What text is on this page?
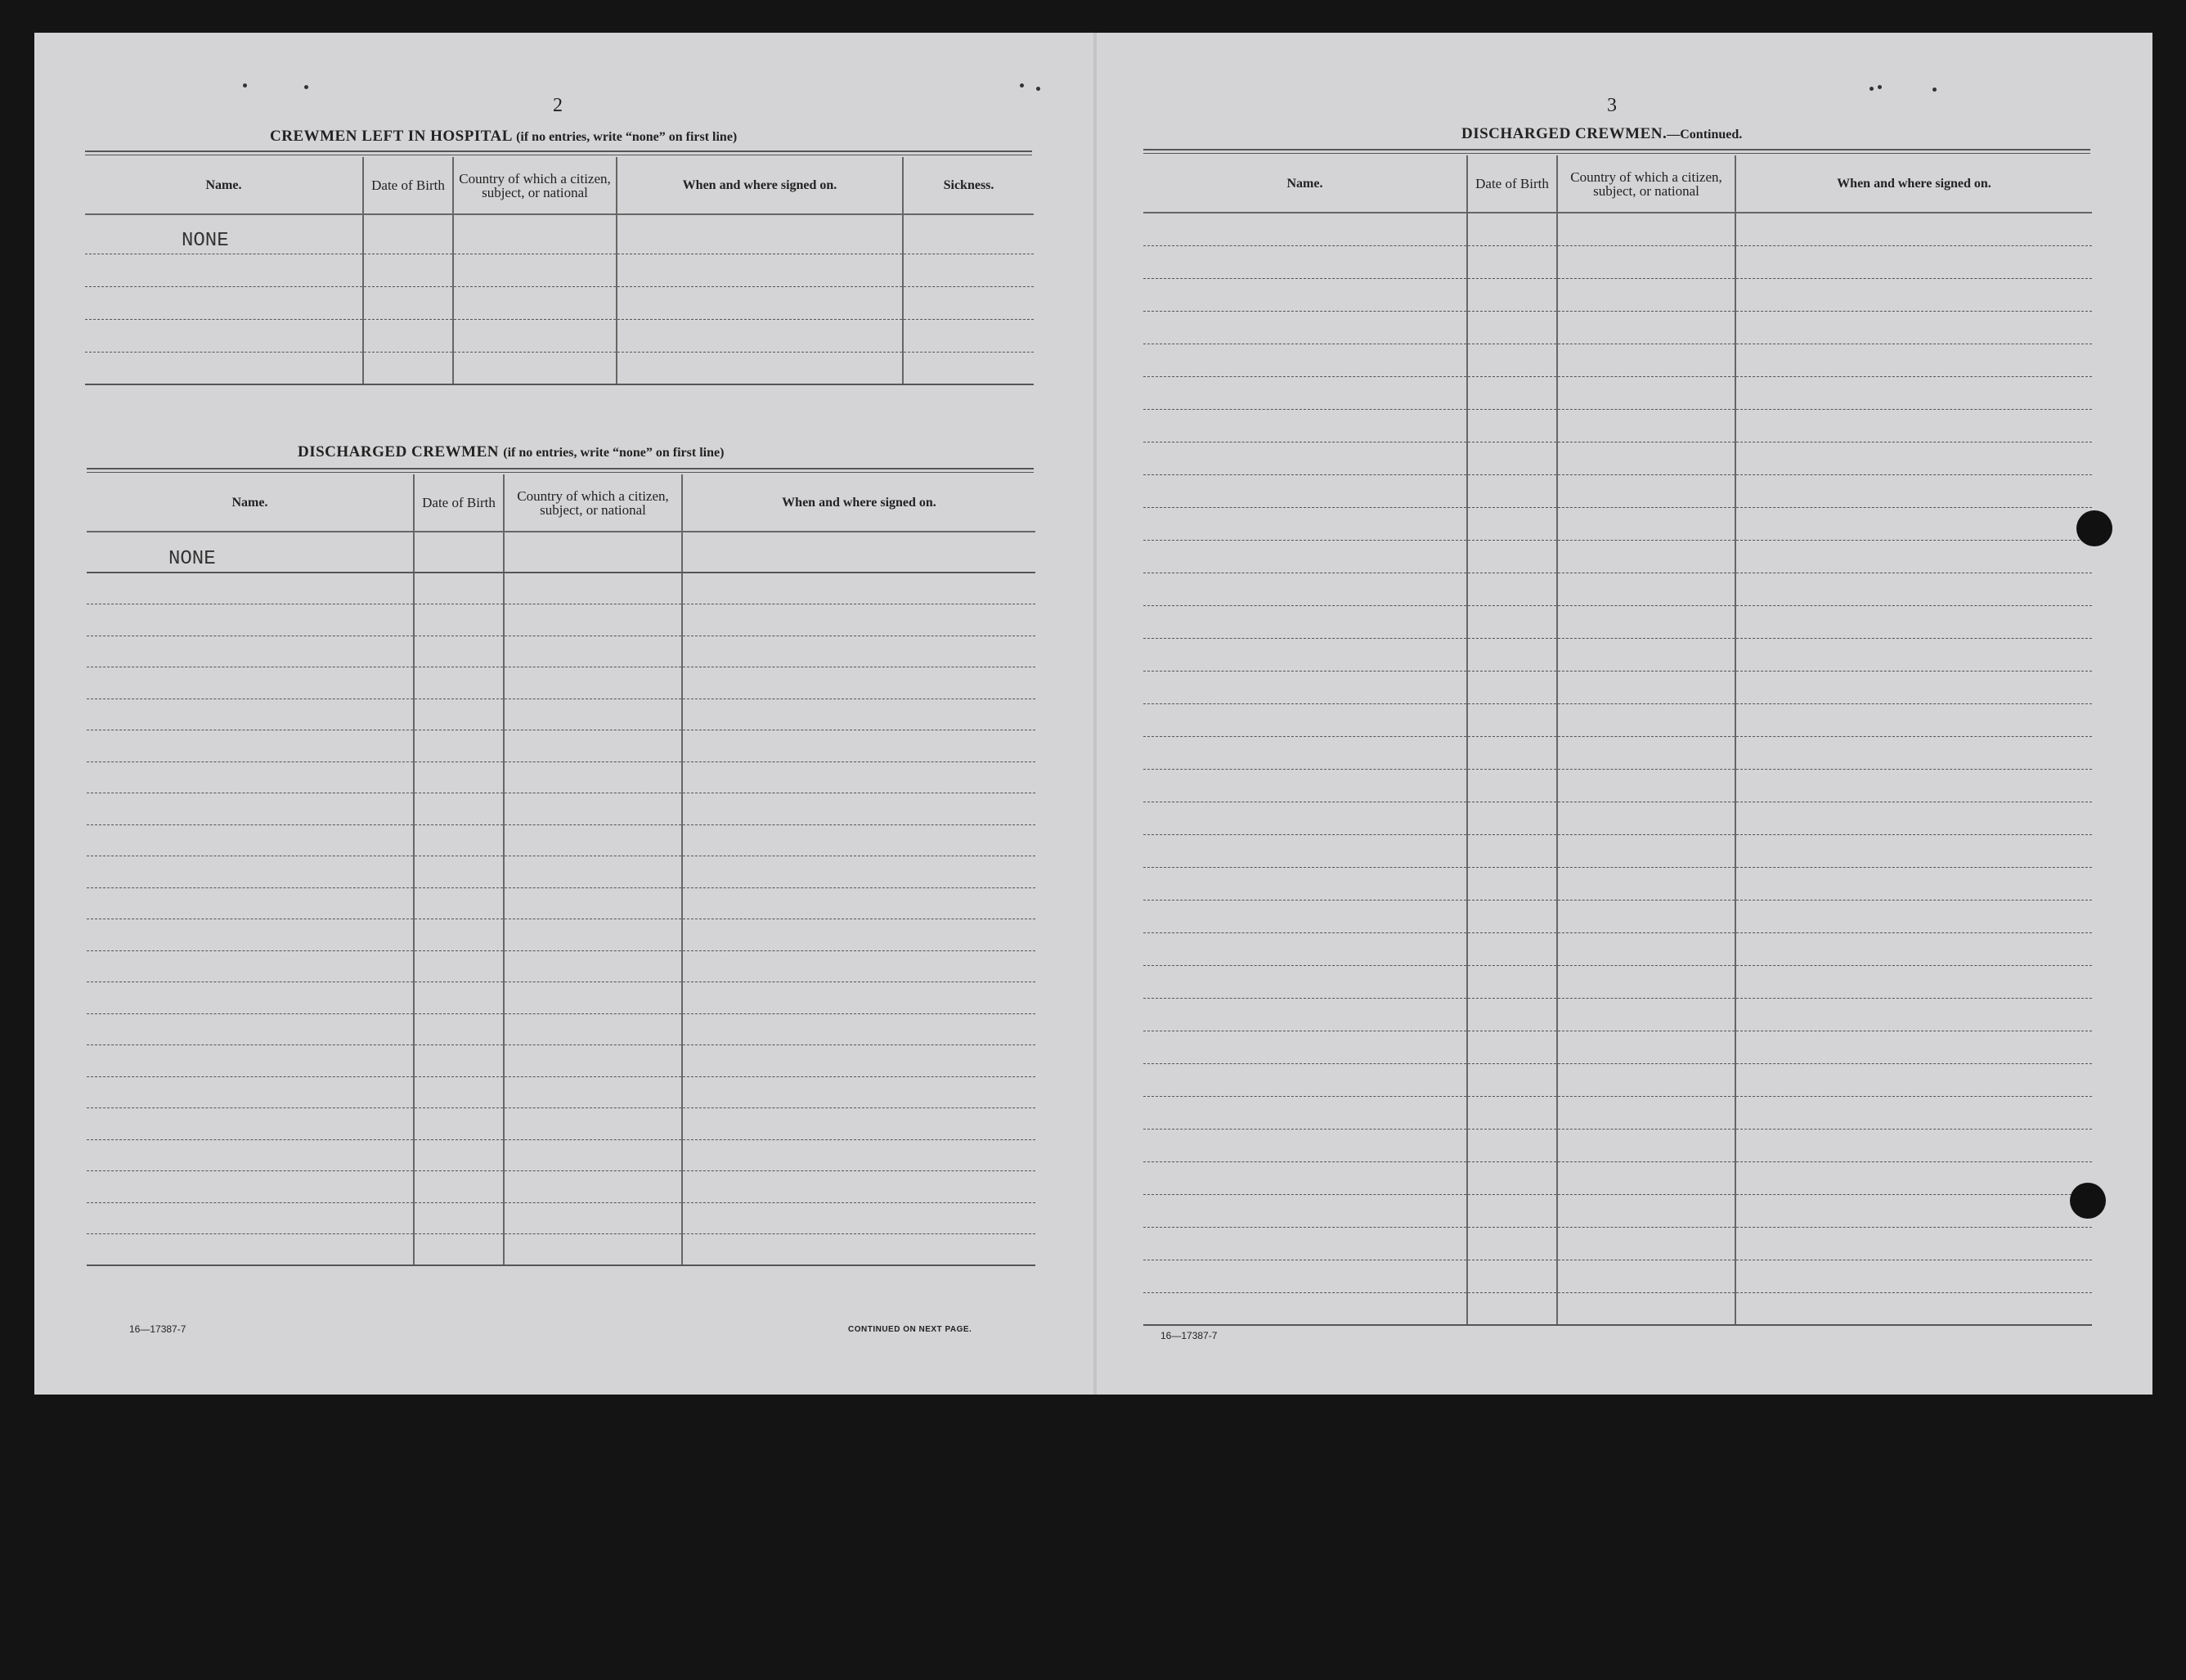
2
CREWMEN LEFT IN HOSPITAL (if no entries, write “none” on first line)
Name.	Date of Birth	Country of which a citizen, subject, or national	When and where signed on.	Sickness.
NONE				

DISCHARGED CREWMEN (if no entries, write “none” on first line)
Name.	Date of Birth	Country of which a citizen, subject, or national	When and where signed on.
NONE			

16—17387-7	CONTINUED ON NEXT PAGE.
3
DISCHARGED CREWMEN.—Continued.
Name.	Date of Birth	Country of which a citizen, subject, or national	When and where signed on.

16—17387-7
